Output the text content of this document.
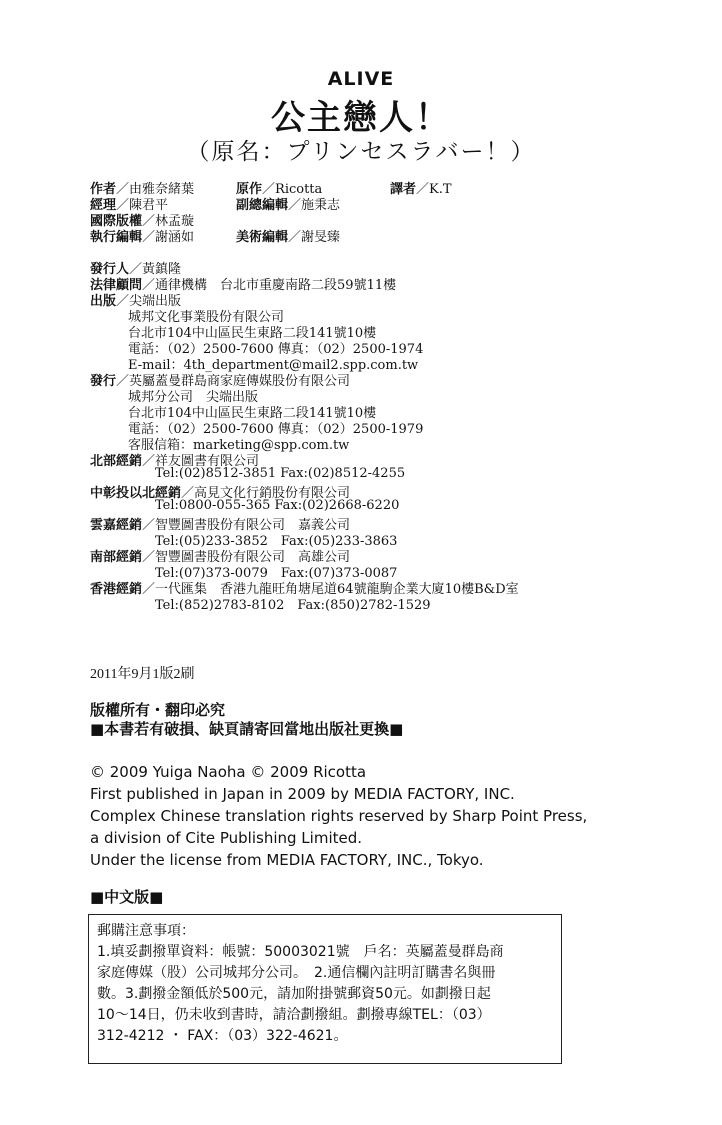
ALIVE
公主戀人！
（原名：プリンセスラバー！）
作者／由雅奈緒葉	原作／Ricotta	譯者／K.T
經理／陳君平	副總編輯／施秉志
國際版權／林孟璇
執行編輯／謝涵如	美術編輯／謝旻臻
發行人／黃鎮隆
法律顧問／通律機構　台北市重慶南路二段59號11樓
出版／尖端出版
城邦文化事業股份有限公司
台北市104中山區民生東路二段141號10樓
電話：（02）2500-7600 傳真：（02）2500-1974
E-mail：4th_department@mail2.spp.com.tw
發行／英屬蓋曼群島商家庭傳媒股份有限公司
城邦分公司　尖端出版
台北市104中山區民生東路二段141號10樓
電話：（02）2500-7600 傳真：（02）2500-1979
客服信箱：marketing@spp.com.tw
北部經銷／祥友圖書有限公司
Tel:(02)8512-3851 Fax:(02)8512-4255
中彰投以北經銷／高見文化行銷股份有限公司
Tel:0800-055-365 Fax:(02)2668-6220
雲嘉經銷／智豐圖書股份有限公司　嘉義公司
Tel:(05)233-3852　Fax:(05)233-3863
南部經銷／智豐圖書股份有限公司　高雄公司
Tel:(07)373-0079　Fax:(07)373-0087
香港經銷／一代匯集　香港九龍旺角塘尾道64號龍駒企業大廈10樓B&D室
Tel:(852)2783-8102　Fax:(850)2782-1529
2011年9月1版2刷
版權所有・翻印必究
■本書若有破損、缺頁請寄回當地出版社更換■
© 2009 Yuiga Naoha © 2009 Ricotta
First published in Japan in 2009 by MEDIA FACTORY, INC.
Complex Chinese translation rights reserved by Sharp Point Press,
a division of Cite Publishing Limited.
Under the license from MEDIA FACTORY, INC., Tokyo.
■中文版■
郵購注意事項：
1.填妥劃撥單資料：帳號：50003021號　戶名：英屬蓋曼群島商
家庭傳媒（股）公司城邦分公司。　2.通信欄內註明訂購書名與冊
數。3.劃撥金額低於500元，請加附掛號郵資50元。如劃撥日起
10～14日，仍未收到書時，請洽劃撥組。劃撥專線TEL：（03）
312-4212 ・ FAX：（03）322-4621。
